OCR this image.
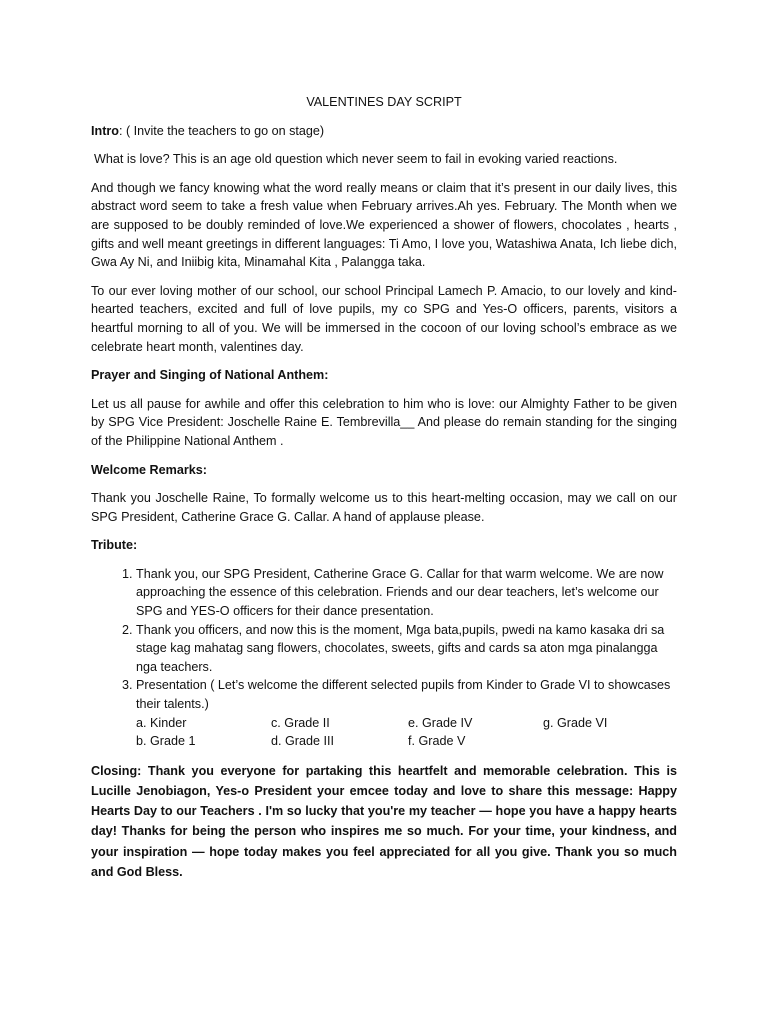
VALENTINES DAY SCRIPT
Intro: ( Invite the teachers to go on stage)
What is love? This is an age old question which never seem to fail in evoking varied reactions.
And though we fancy knowing what the word really means or claim that it’s present in our daily lives, this abstract word seem to take a fresh value when February arrives.Ah yes. February. The Month when we are supposed to be doubly reminded of love.We experienced a shower of flowers, chocolates , hearts , gifts and well meant greetings in different languages: Ti Amo, I love you, Watashiwa Anata, Ich liebe dich, Gwa Ay Ni, and Iniibig kita, Minamahal Kita , Palangga taka.
To our ever loving mother of our school, our school Principal Lamech P. Amacio, to our lovely and kind-hearted teachers, excited and full of love pupils, my co SPG and Yes-O officers, parents, visitors a heartful morning to all of you. We will be immersed in the cocoon of our loving school’s embrace as we celebrate heart month, valentines day.
Prayer and Singing of National Anthem:
Let us all pause for awhile and offer this celebration to him who is love: our Almighty Father to be given by SPG Vice President: Joschelle Raine E. Tembrevilla__ And please do remain standing for the singing of the Philippine National Anthem .
Welcome Remarks:
Thank you Joschelle Raine, To formally welcome us to this heart-melting occasion, may we call on our SPG President, Catherine Grace G. Callar. A hand of applause please.
Tribute:
1. Thank you, our SPG President, Catherine Grace G. Callar for that warm welcome. We are now approaching the essence of this celebration. Friends and our dear teachers, let’s welcome our SPG and YES-O officers for their dance presentation.
2. Thank you officers, and now this is the moment, Mga bata,pupils, pwedi na kamo kasaka dri sa stage kag mahatag sang flowers, chocolates, sweets, gifts and cards sa aton mga pinalangga nga teachers.
3. Presentation ( Let’s welcome the different selected pupils from Kinder to Grade VI to showcases their talents.)
a. Kinder	c. Grade II	e. Grade IV	g. Grade VI
b. Grade 1	d. Grade III	f. Grade V
Closing: Thank you everyone for partaking this heartfelt and memorable celebration. This is Lucille Jenobiagon, Yes-o President your emcee today and love to share this message: Happy Hearts Day to our Teachers . I'm so lucky that you're my teacher — hope you have a happy hearts day! Thanks for being the person who inspires me so much. For your time, your kindness, and your inspiration — hope today makes you feel appreciated for all you give. Thank you so much and God Bless.
